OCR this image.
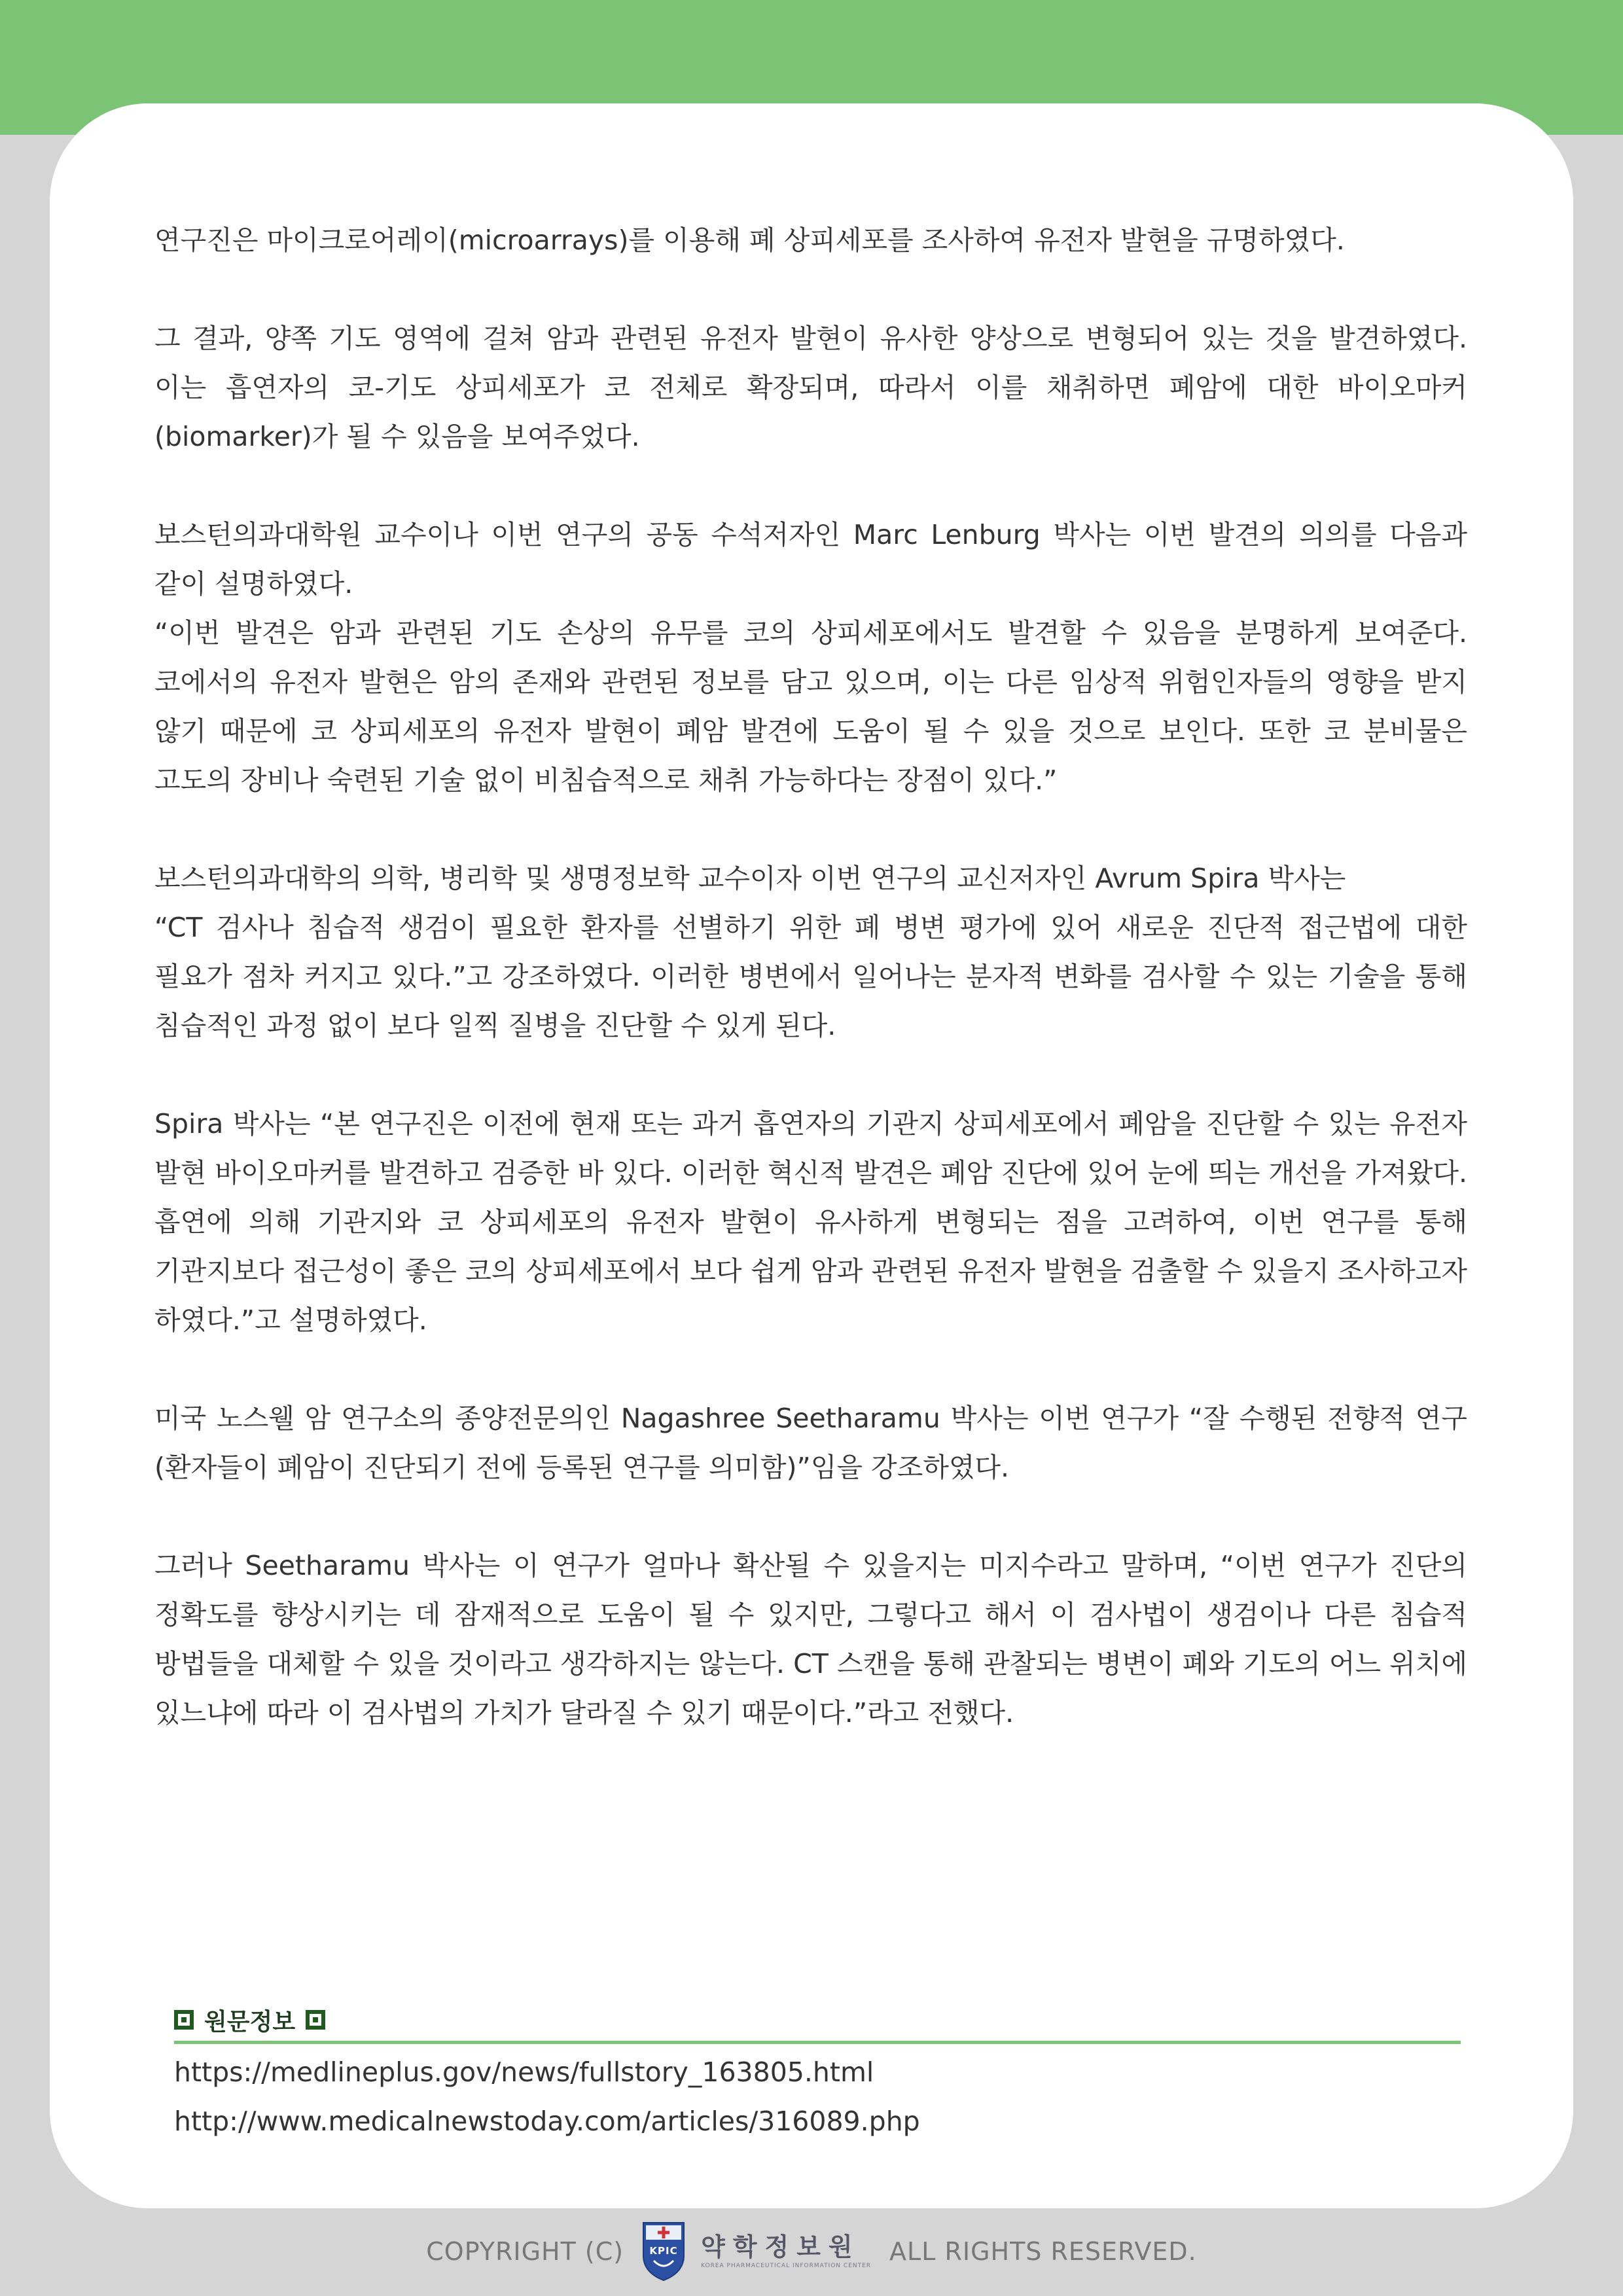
연구진은 마이크로어레이(microarrays)를 이용해 폐 상피세포를 조사하여 유전자 발현을 규명하였다.

그 결과, 양쪽 기도 영역에 걸쳐 암과 관련된 유전자 발현이 유사한 양상으로 변형되어 있는 것을 발견하였다. 이는 흡연자의 코-기도 상피세포가 코 전체로 확장되며, 따라서 이를 채취하면 폐암에 대한 바이오마커(biomarker)가 될 수 있음을 보여주었다.

보스턴의과대학원 교수이나 이번 연구의 공동 수석저자인 Marc Lenburg 박사는 이번 발견의 의의를 다음과 같이 설명하였다.

“이번 발견은 암과 관련된 기도 손상의 유무를 코의 상피세포에서도 발견할 수 있음을 분명하게 보여준다. 코에서의 유전자 발현은 암의 존재와 관련된 정보를 담고 있으며, 이는 다른 임상적 위험인자들의 영향을 받지 않기 때문에 코 상피세포의 유전자 발현이 폐암 발견에 도움이 될 수 있을 것으로 보인다. 또한 코 분비물은 고도의 장비나 숙련된 기술 없이 비침습적으로 채취 가능하다는 장점이 있다.”

보스턴의과대학의 의학, 병리학 및 생명정보학 교수이자 이번 연구의 교신저자인 Avrum Spira 박사는

“CT 검사나 침습적 생검이 필요한 환자를 선별하기 위한 폐 병변 평가에 있어 새로운 진단적 접근법에 대한 필요가 점차 커지고 있다.”고 강조하였다. 이러한 병변에서 일어나는 분자적 변화를 검사할 수 있는 기술을 통해 침습적인 과정 없이 보다 일찍 질병을 진단할 수 있게 된다.

Spira 박사는 “본 연구진은 이전에 현재 또는 과거 흡연자의 기관지 상피세포에서 폐암을 진단할 수 있는 유전자 발현 바이오마커를 발견하고 검증한 바 있다. 이러한 혁신적 발견은 폐암 진단에 있어 눈에 띄는 개선을 가져왔다. 흡연에 의해 기관지와 코 상피세포의 유전자 발현이 유사하게 변형되는 점을 고려하여, 이번 연구를 통해 기관지보다 접근성이 좋은 코의 상피세포에서 보다 쉽게 암과 관련된 유전자 발현을 검출할 수 있을지 조사하고자 하였다.”고 설명하였다.

미국 노스웰 암 연구소의 종양전문의인 Nagashree Seetharamu 박사는 이번 연구가 “잘 수행된 전향적 연구(환자들이 폐암이 진단되기 전에 등록된 연구를 의미함)”임을 강조하였다.

그러나 Seetharamu 박사는 이 연구가 얼마나 확산될 수 있을지는 미지수라고 말하며, “이번 연구가 진단의 정확도를 향상시키는 데 잠재적으로 도움이 될 수 있지만, 그렇다고 해서 이 검사법이 생검이나 다른 침습적 방법들을 대체할 수 있을 것이라고 생각하지는 않는다. CT 스캔을 통해 관찰되는 병변이 폐와 기도의 어느 위치에 있느냐에 따라 이 검사법의 가치가 달라질 수 있기 때문이다.”라고 전했다.

원문정보
https://medlineplus.gov/news/fullstory_163805.html
http://www.medicalnewstoday.com/articles/316089.php
COPYRIGHT (C)	KPIC 약학정보원
KOREA PHARMACEUTICAL INFORMATION CENTER ALL RIGHTS RESERVED.
